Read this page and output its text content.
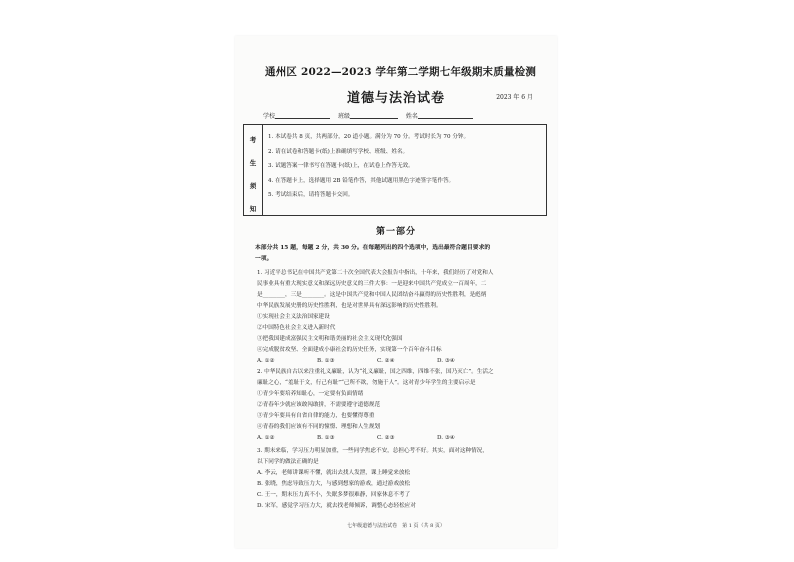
通州区 2022—2023 学年第二学期七年级期末质量检测
道德与法治试卷	2023 年 6 月
学校	班级	姓名
考
生
须
知
1. 本试卷共 8 页，共两部分，20 道小题。满分为 70 分。考试时长为 70 分钟。
2. 请在试卷和答题卡(纸)上准确填写学校、班级、姓名。
3. 试题答案一律书写在答题卡(纸)上，在试卷上作答无效。
4. 在答题卡上，选择题用 2B 铅笔作答，其他试题用黑色字迹签字笔作答。
5. 考试结束后，请将答题卡交回。
第一部分
本部分共 15 题，每题 2 分，共 30 分。在每题列出的四个选项中，选出最符合题目要求的
一项。

1. 习近平总书记在中国共产党第二十次全国代表大会报告中指出，十年来，我们经历了对党和人

民事业具有重大现实意义和深远历史意义的三件大事：一是迎来中国共产党成立一百周年，二

是________，三是________。这是中国共产党和中国人民团结奋斗赢得的历史性胜利，是彪炳

中华民族发展史册的历史性胜利，也是对世界具有深远影响的历史性胜利。

①实现社会主义法治国家建设

②中国特色社会主义进入新时代

③把我国建成富强民主文明和谐美丽的社会主义现代化强国

④完成脱贫攻坚、全面建成小康社会的历史任务，实现第一个百年奋斗目标

A. ①②	B. ①③	C. ②④	D. ③④

2. 中华民族自古以来注重礼义廉耻，认为“礼义廉耻，国之四维，四维不张，国乃灭亡”。生活之

廉耻之心，“羞耻于文，行己有耻”“己所不欲，勿施于人”。这对青少年学生的主要启示是

①青少年要培养知耻心，一定要有负面情绪

②青春年少就应该敢闯敢拼，不需要遵守道德规范

③青少年要具有自省自律的能力，也要懂得尊重

④青春的我们应该有不同的憧憬、理想和人生规划

A. ①②	B. ①③	C. ②③	D. ③④

3. 期末来临，学习压力明显加重，一些同学焦虑不安，总担心考不好。其实，面对这种情况，

以下同学的做法正确的是

A. 李云，老师讲课听不懂，就出去找人发泄，课上睡觉来放松

B. 张晓，焦虑导致压力大，与感到想家的游戏，通过游戏放松

C. 王一，期末压力真不小，失眠多梦很难静，回家休息不考了

D. 宋军，感觉学习压力大，就去找老师倾诉，调整心态轻松应对

七年级道德与法治试卷　第 1 页（共 8 页）
